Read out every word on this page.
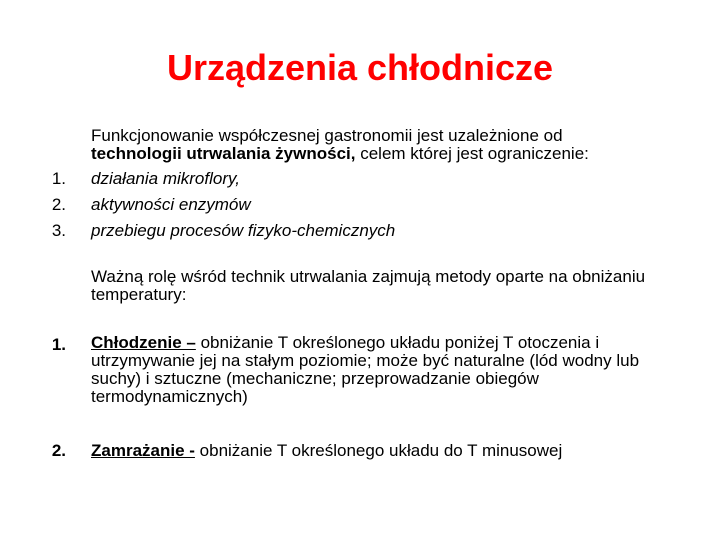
Urządzenia chłodnicze
Funkcjonowanie współczesnej gastronomii jest uzależnione od
technologii utrwalania żywności, celem której jest ograniczenie:
1. działania mikroflory,
2. aktywności enzymów
3. przebiegu procesów fizyko-chemicznych
Ważną rolę wśród technik utrwalania zajmują metody oparte na obniżaniu temperatury:
1. Chłodzenie – obniżanie T określonego układu poniżej T otoczenia i utrzymywanie jej na stałym poziomie; może być naturalne (lód wodny lub suchy) i sztuczne (mechaniczne; przeprowadzanie obiegów termodynamicznych)
2. Zamrażanie - obniżanie T określonego układu do T minusowej
